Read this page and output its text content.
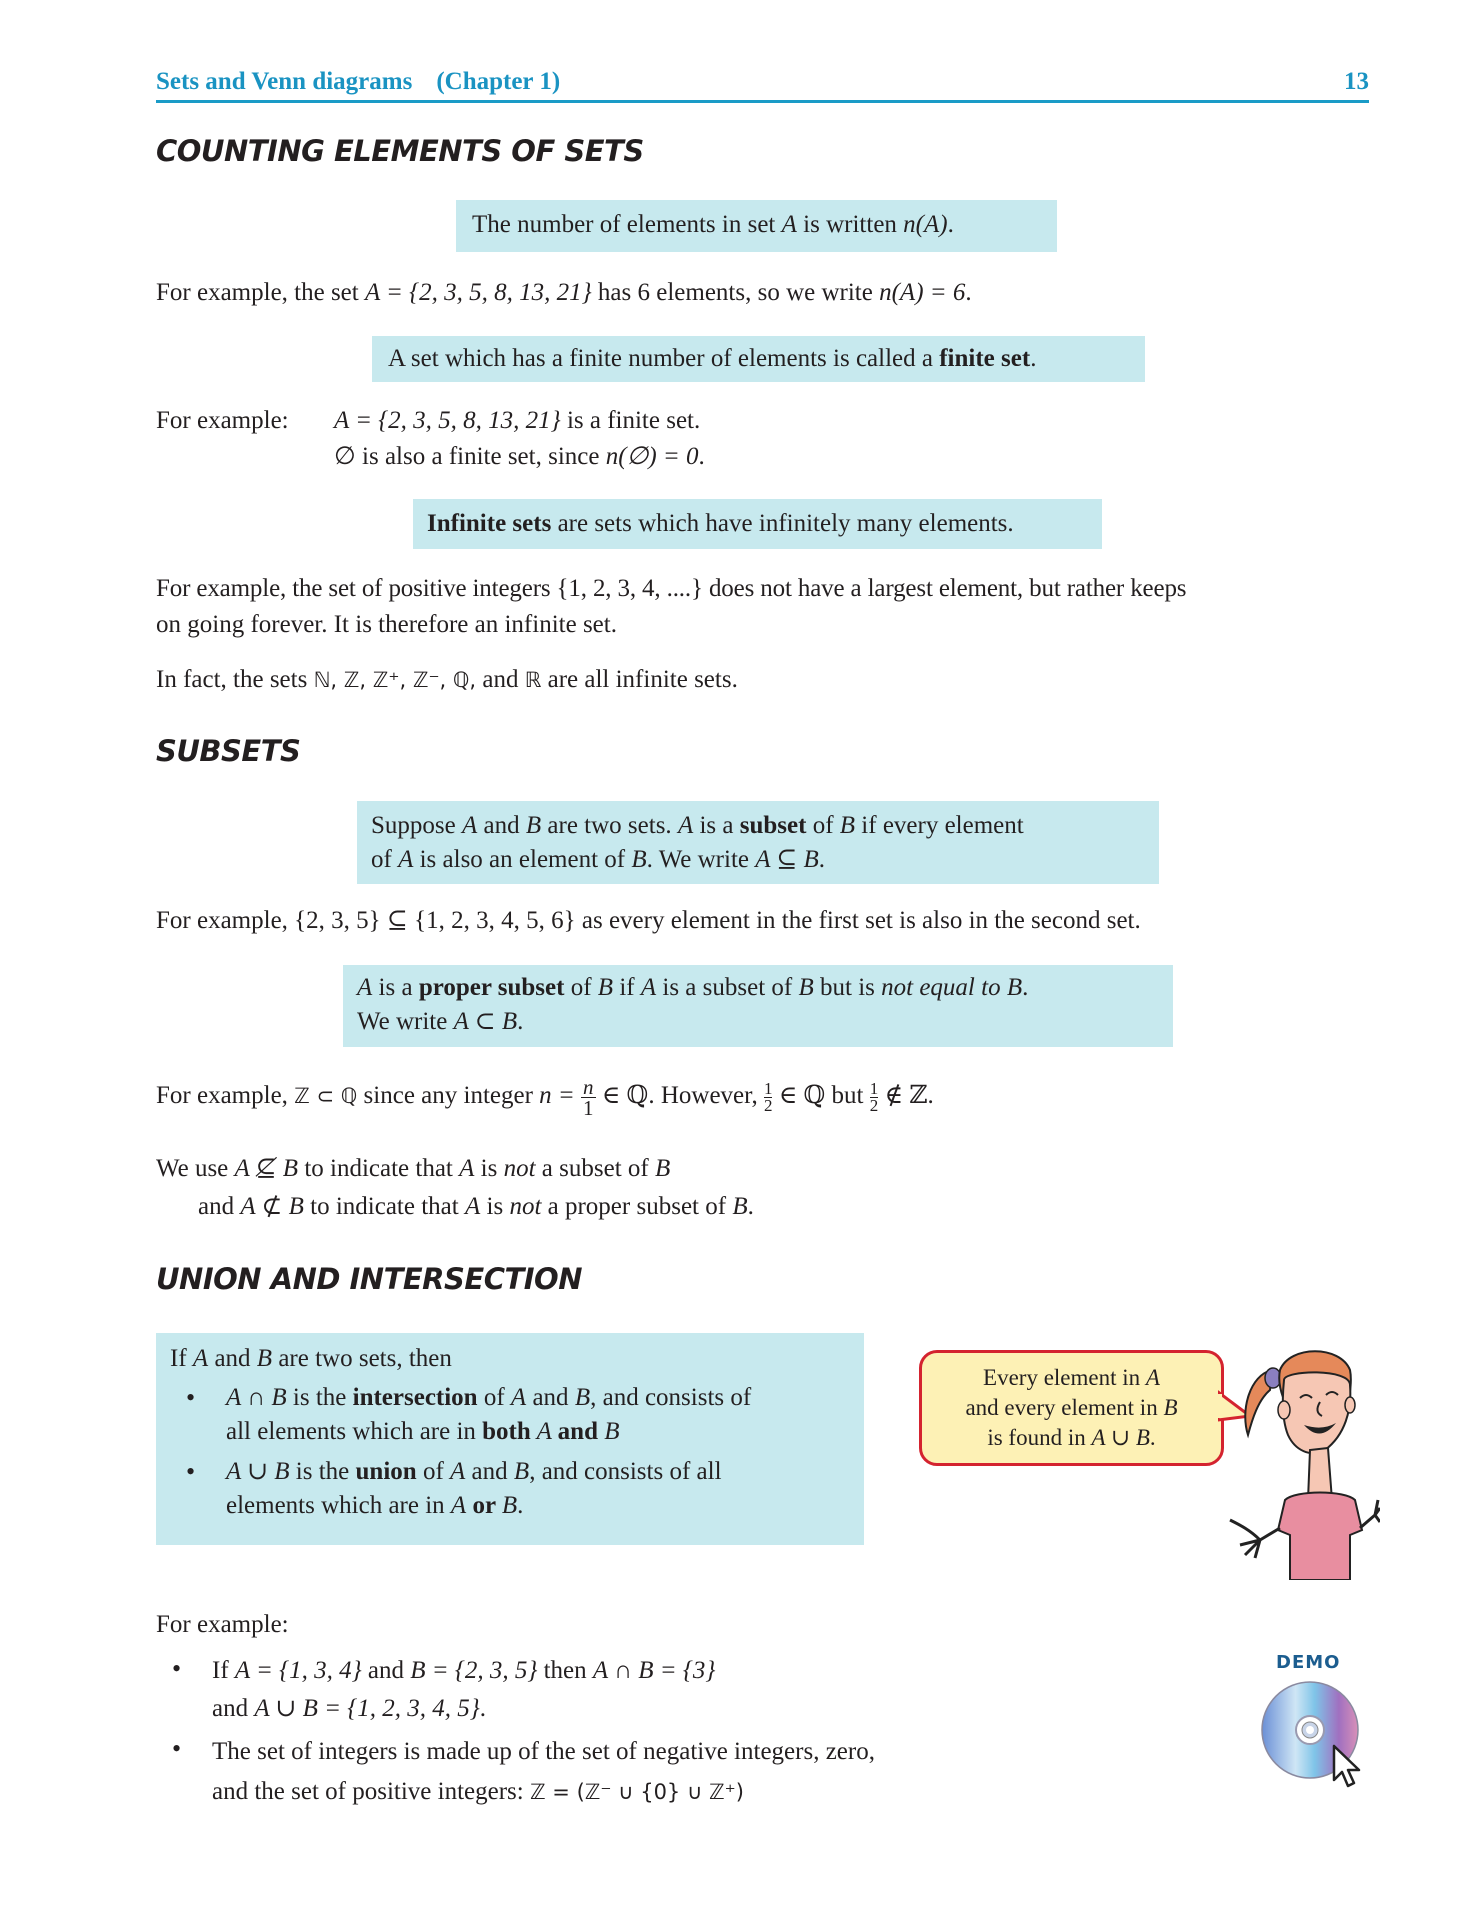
Sets and Venn diagrams (Chapter 1)	13
COUNTING ELEMENTS OF SETS
The number of elements in set A is written n(A).
For example, the set A = {2, 3, 5, 8, 13, 21} has 6 elements, so we write n(A) = 6.
A set which has a finite number of elements is called a finite set.
For example: A = {2, 3, 5, 8, 13, 21} is a finite set.
∅ is also a finite set, since n(∅) = 0.
Infinite sets are sets which have infinitely many elements.
For example, the set of positive integers {1, 2, 3, 4, ....} does not have a largest element, but rather keeps
on going forever. It is therefore an infinite set.
In fact, the sets ℕ, ℤ, ℤ⁺, ℤ⁻, ℚ, and ℝ are all infinite sets.
SUBSETS
Suppose A and B are two sets. A is a subset of B if every element
of A is also an element of B. We write A ⊆ B.
For example, {2, 3, 5} ⊆ {1, 2, 3, 4, 5, 6} as every element in the first set is also in the second set.
A is a proper subset of B if A is a subset of B but is not equal to B.
We write A ⊂ B.
For example, ℤ ⊂ ℚ since any integer $n = \frac{n}{1}$ ∈ ℚ. However, $\frac{1}{2}$ ∈ ℚ but $\frac{1}{2}$ ∉ ℤ.
We use A ⊈ B to indicate that A is not a subset of B
and A ⊄ B to indicate that A is not a proper subset of B.
UNION AND INTERSECTION
If A and B are two sets, then
• A ∩ B is the intersection of A and B, and consists of
all elements which are in both A and B
• A ∪ B is the union of A and B, and consists of all
elements which are in A or B.
Every element in A
and every element in B
is found in A ∪ B.
For example:
• If A = {1, 3, 4} and B = {2, 3, 5} then A ∩ B = {3}
and A ∪ B = {1, 2, 3, 4, 5}.
• The set of integers is made up of the set of negative integers, zero,
and the set of positive integers: ℤ = (ℤ⁻ ∪ {0} ∪ ℤ⁺)
DEMO
